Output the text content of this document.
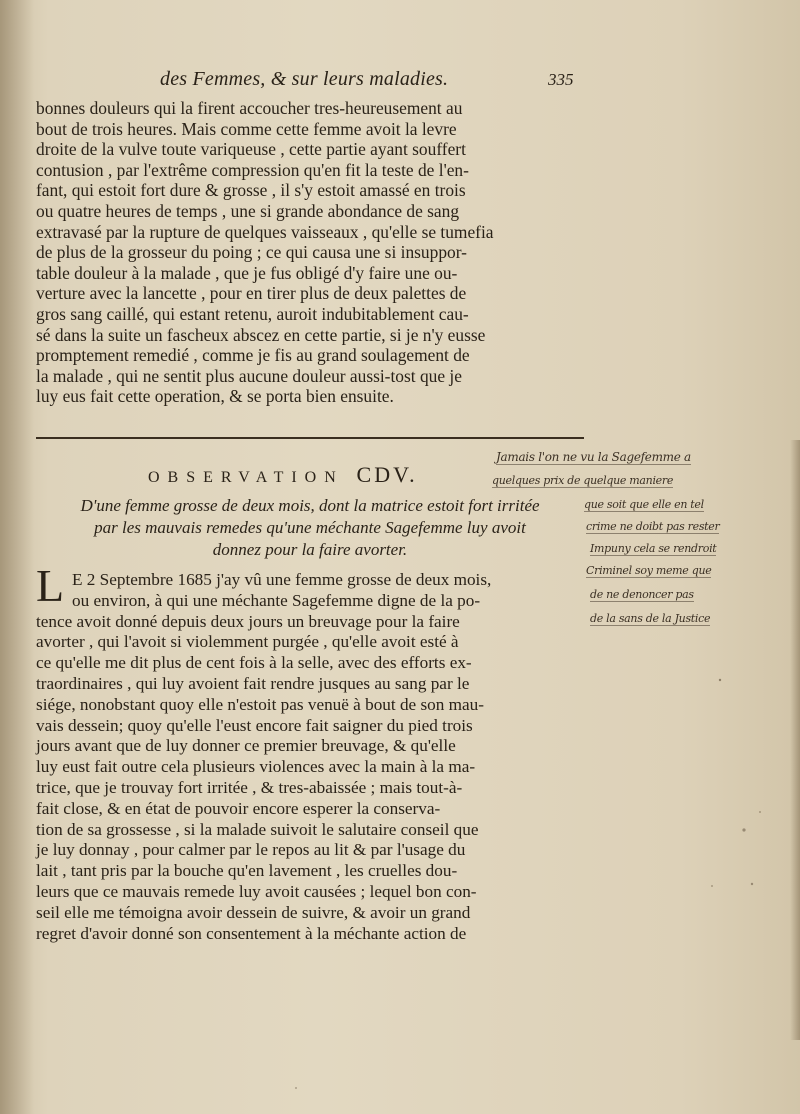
des Femmes, & sur leurs maladies.	335
bonnes douleurs qui la firent accoucher tres-heureusement au
bout de trois heures. Mais comme cette femme avoit la levre
droite de la vulve toute variqueuse , cette partie ayant souffert
contusion , par l'extrême compression qu'en fit la teste de l'en-
fant, qui estoit fort dure & grosse , il s'y estoit amassé en trois
ou quatre heures de temps , une si grande abondance de sang
extravasé par la rupture de quelques vaisseaux , qu'elle se tumefia
de plus de la grosseur du poing ; ce qui causa une si insuppor-
table douleur à la malade , que je fus obligé d'y faire une ou-
verture avec la lancette , pour en tirer plus de deux palettes de
gros sang caillé, qui estant retenu, auroit indubitablement cau-
sé dans la suite un fascheux abscez en cette partie, si je n'y eusse
promptement remedié , comme je fis au grand soulagement de
la malade , qui ne sentit plus aucune douleur aussi-tost que je
luy eus fait cette operation, & se porta bien ensuite.
OBSERVATION CDV.
D'une femme grosse de deux mois, dont la matrice estoit fort irritée
par les mauvais remedes qu'une méchante Sagefemme luy avoit
donnez pour la faire avorter.
L E 2 Septembre 1685 j'ay vû une femme grosse de deux mois,
ou environ, à qui une méchante Sagefemme digne de la po-
tence avoit donné depuis deux jours un breuvage pour la faire
avorter , qui l'avoit si violemment purgée , qu'elle avoit esté à
ce qu'elle me dit plus de cent fois à la selle, avec des efforts ex-
traordinaires , qui luy avoient fait rendre jusques au sang par le
siége, nonobstant quoy elle n'estoit pas venuë à bout de son mau-
vais dessein; quoy qu'elle l'eust encore fait saigner du pied trois
jours avant que de luy donner ce premier breuvage, & qu'elle
luy eust fait outre cela plusieurs violences avec la main à la ma-
trice, que je trouvay fort irritée , & tres-abaissée ; mais tout-à-
fait close, & en état de pouvoir encore esperer la conserva-
tion de sa grossesse , si la malade suivoit le salutaire conseil que
je luy donnay , pour calmer par le repos au lit & par l'usage du
lait , tant pris par la bouche qu'en lavement , les cruelles dou-
leurs que ce mauvais remede luy avoit causées ; lequel bon con-
seil elle me témoigna avoir dessein de suivre, & avoir un grand
regret d'avoir donné son consentement à la méchante action de
Jamais l'on ne vu la Sagefemme a
quelques prix de quelque maniere
que soit que elle en tel
crime ne doibt pas rester
Impuny cela se rendroit
Criminel soy meme que
de ne denoncer pas
de la sans de la Justice
